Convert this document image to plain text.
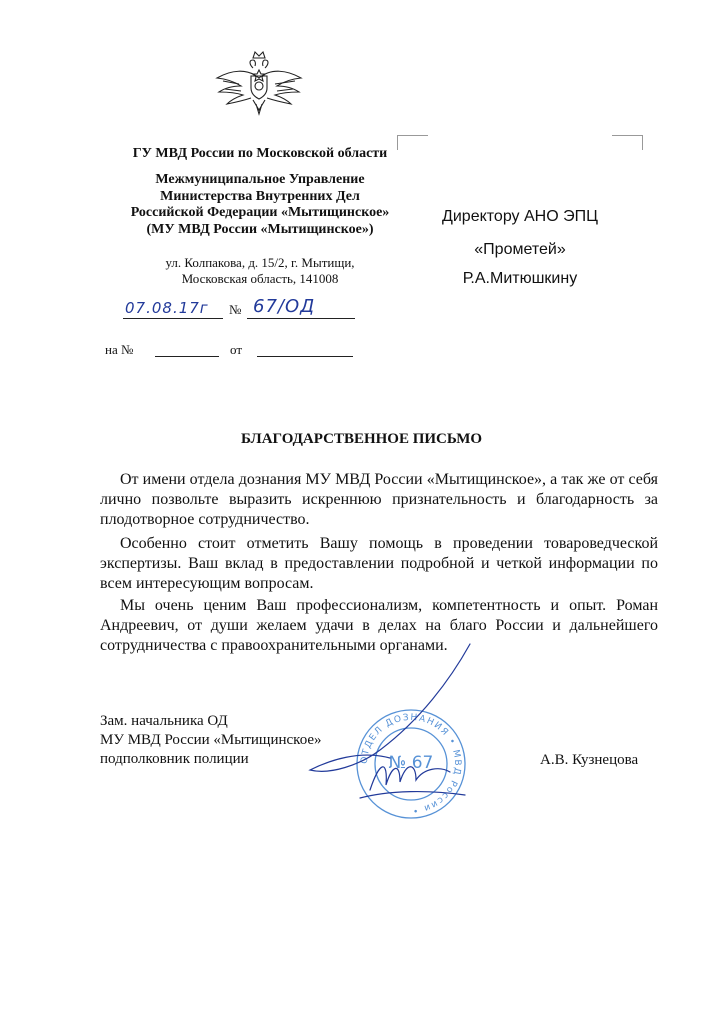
ГУ МВД России по Московской области
Межмуниципальное Управление
Министерства Внутренних Дел
Российской Федерации «Мытищинское»
(МУ МВД России «Мытищинское»)
ул. Колпакова, д. 15/2, г. Мытищи,
Московская область, 141008
07.08.17г № 67/ОД
на №	от
Директору АНО ЭПЦ
«Прометей»
Р.А.Митюшкину
БЛАГОДАРСТВЕННОЕ ПИСЬМО
От имени отдела дознания МУ МВД России «Мытищинское», а так же от себя лично позвольте выразить искреннюю признательность и благодарность за плодотворное сотрудничество.
Особенно стоит отметить Вашу помощь в проведении товароведческой экспертизы. Ваш вклад в предоставлении подробной и четкой информации по всем интересующим вопросам.
Мы очень ценим Ваш профессионализм, компетентность и опыт. Роман Андреевич, от души желаем удачи в делах на благо России и дальнейшего сотрудничества с правоохранительными органами.
Зам. начальника ОД
МУ МВД России «Мытищинское»
подполковник полиции	А.В. Кузнецова
ОТДЕЛ ДОЗНАНИЯ • МВД России •
№ 67
